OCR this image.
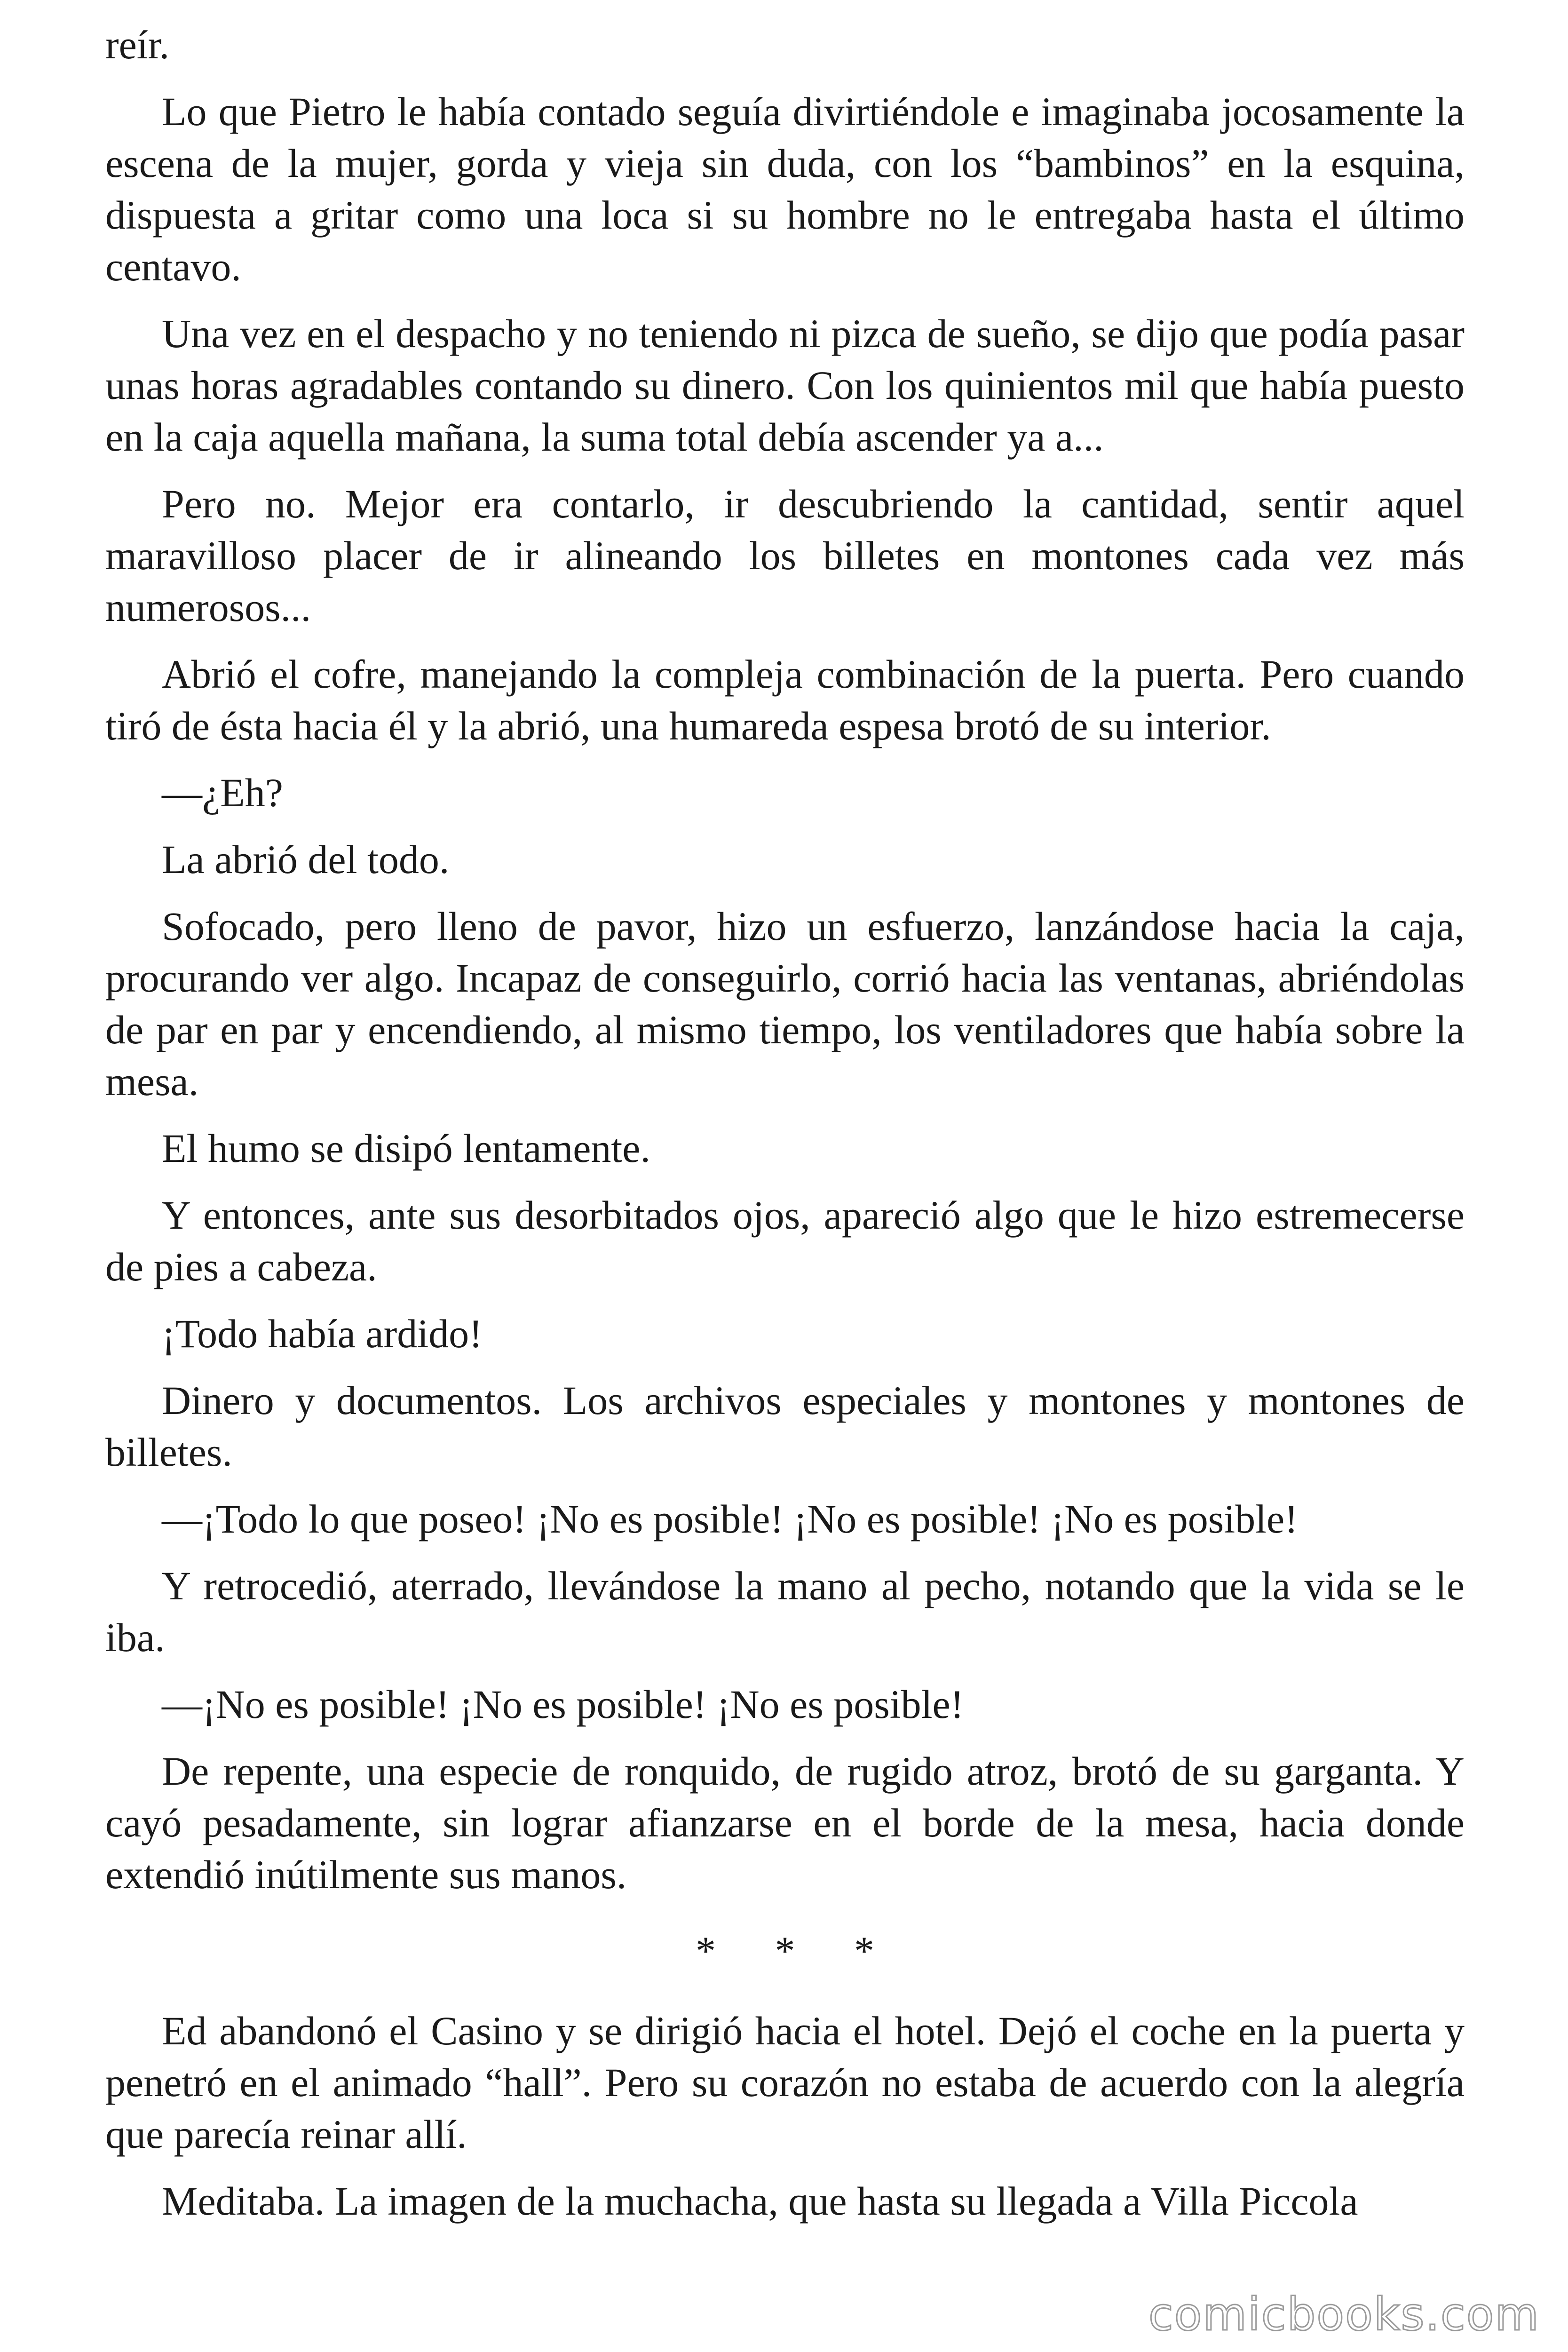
reír.

Lo que Pietro le había contado seguía divirtiéndole e imaginaba jocosamente la escena de la mujer, gorda y vieja sin duda, con los “bambinos” en la esquina, dispuesta a gritar como una loca si su hombre no le entregaba hasta el último centavo.

Una vez en el despacho y no teniendo ni pizca de sueño, se dijo que podía pasar unas horas agradables contando su dinero. Con los quinientos mil que había puesto en la caja aquella mañana, la suma total debía ascender ya a...

Pero no. Mejor era contarlo, ir descubriendo la cantidad, sentir aquel maravilloso placer de ir alineando los billetes en montones cada vez más numerosos...

Abrió el cofre, manejando la compleja combinación de la puerta. Pero cuando tiró de ésta hacia él y la abrió, una humareda espesa brotó de su interior.

—¿Eh?

La abrió del todo.

Sofocado, pero lleno de pavor, hizo un esfuerzo, lanzándose hacia la caja, procurando ver algo. Incapaz de conseguirlo, corrió hacia las ventanas, abriéndolas de par en par y encendiendo, al mismo tiempo, los ventiladores que había sobre la mesa.

El humo se disipó lentamente.

Y entonces, ante sus desorbitados ojos, apareció algo que le hizo estremecerse de pies a cabeza.

¡Todo había ardido!

Dinero y documentos. Los archivos especiales y montones y montones de billetes.

—¡Todo lo que poseo! ¡No es posible! ¡No es posible! ¡No es posible!

Y retrocedió, aterrado, llevándose la mano al pecho, notando que la vida se le iba.

—¡No es posible! ¡No es posible! ¡No es posible!

De repente, una especie de ronquido, de rugido atroz, brotó de su garganta. Y cayó pesadamente, sin lograr afianzarse en el borde de la mesa, hacia donde extendió inútilmente sus manos.

* * *

Ed abandonó el Casino y se dirigió hacia el hotel. Dejó el coche en la puerta y penetró en el animado “hall”. Pero su corazón no estaba de acuerdo con la alegría que parecía reinar allí.

Meditaba. La imagen de la muchacha, que hasta su llegada a Villa Piccola

comicbooks.com
